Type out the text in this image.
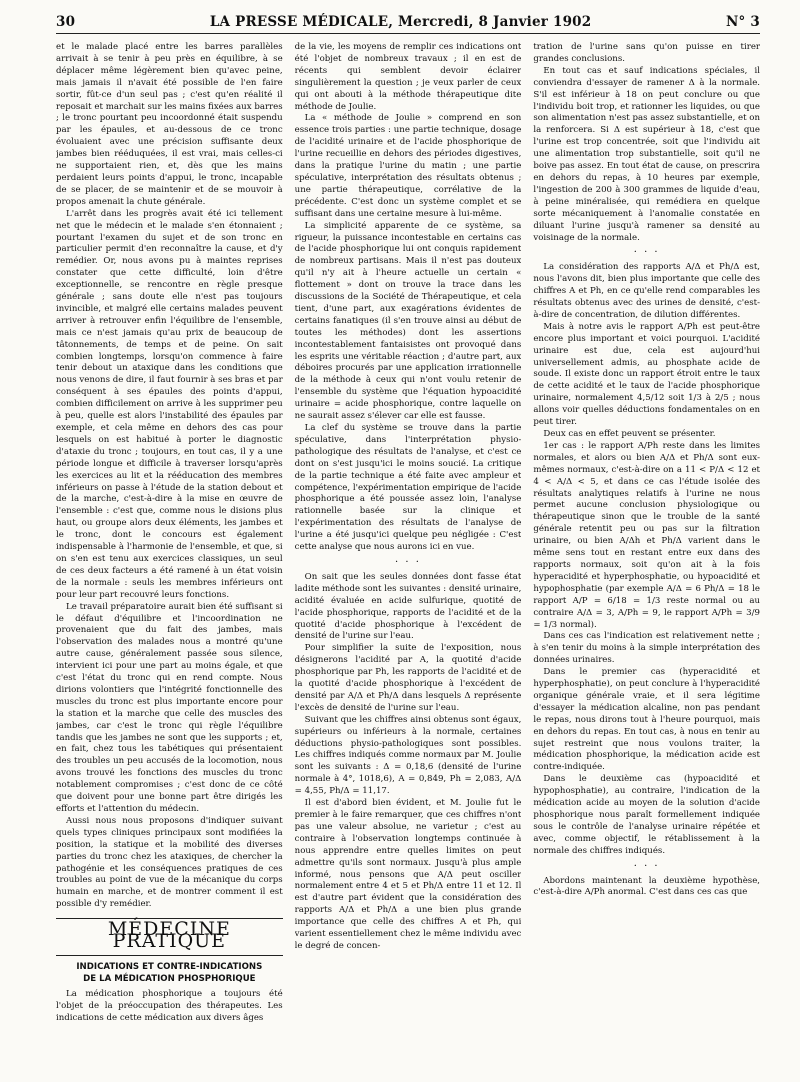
30	LA PRESSE MÉDICALE, Mercredi, 8 Janvier 1902	N° 3

et le malade placé entre les barres parallèles arrivait à se tenir à peu près en équilibre, à se déplacer même légèrement bien qu'avec peine, mais jamais il n'avait été possible de l'en faire sortir, fût-ce d'un seul pas ; c'est qu'en réalité il reposait et marchait sur les mains fixées aux barres ; le tronc pourtant peu incoordonné était suspendu par les épaules, et au-dessous de ce tronc évoluaient avec une précision suffisante deux jambes bien rééduquées, il est vrai, mais celles-ci ne supportaient rien, et, dès que les mains perdaient leurs points d'appui, le tronc, incapable de se placer, de se maintenir et de se mouvoir à propos amenait la chute générale.

L'arrêt dans les progrès avait été ici tellement net que le médecin et le malade s'en étonnaient ; pourtant l'examen du sujet et de son tronc en particulier permit d'en reconnaître la cause, et d'y remédier. Or, nous avons pu à maintes reprises constater que cette difficulté, loin d'être exceptionnelle, se rencontre en règle presque générale ; sans doute elle n'est pas toujours invincible, et malgré elle certains malades peuvent arriver à retrouver enfin l'équilibre de l'ensemble, mais ce n'est jamais qu'au prix de beaucoup de tâtonnements, de temps et de peine. On sait combien longtemps, lorsqu'on commence à faire tenir debout un ataxique dans les conditions que nous venons de dire, il faut fournir à ses bras et par conséquent à ses épaules des points d'appui, combien difficilement on arrive à les supprimer peu à peu, quelle est alors l'instabilité des épaules par exemple, et cela même en dehors des cas pour lesquels on est habitué à porter le diagnostic d'ataxie du tronc ; toujours, en tout cas, il y a une période longue et difficile à traverser lorsqu'après les exercices au lit et la rééducation des membres inférieurs on passe à l'étude de la station debout et de la marche, c'est-à-dire à la mise en œuvre de l'ensemble : c'est que, comme nous le disions plus haut, ou groupe alors deux éléments, les jambes et le tronc, dont le concours est également indispensable à l'harmonie de l'ensemble, et que, si on s'en est tenu aux exercices classiques, un seul de ces deux facteurs a été ramené à un état voisin de la normale : seuls les membres inférieurs ont pour leur part recouvré leurs fonctions.

Le travail préparatoire aurait bien été suffisant si le défaut d'équilibre et l'incoordination ne provenaient que du fait des jambes, mais l'observation des malades nous a montré qu'une autre cause, généralement passée sous silence, intervient ici pour une part au moins égale, et que c'est l'état du tronc qui en rend compte. Nous dirions volontiers que l'intégrité fonctionnelle des muscles du tronc est plus importante encore pour la station et la marche que celle des muscles des jambes, car c'est le tronc qui règle l'équilibre tandis que les jambes ne sont que les supports ; et, en fait, chez tous les tabétiques qui présentaient des troubles un peu accusés de la locomotion, nous avons trouvé les fonctions des muscles du tronc notablement compromises ; c'est donc de ce côté que doivent pour une bonne part être dirigés les efforts et l'attention du médecin.

Aussi nous nous proposons d'indiquer suivant quels types cliniques principaux sont modifiées la position, la statique et la mobilité des diverses parties du tronc chez les ataxiques, de chercher la pathogénie et les conséquences pratiques de ces troubles au point de vue de la mécanique du corps humain en marche, et de montrer comment il est possible d'y remédier.

MÉDECINE PRATIQUE
INDICATIONS ET CONTRE-INDICATIONS
DE LA MÉDICATION PHOSPHORIQUE

La médication phosphorique a toujours été l'objet de la préoccupation des thérapeutes. Les indications de cette médication aux divers âges

de la vie, les moyens de remplir ces indications ont été l'objet de nombreux travaux ; il en est de récents qui semblent devoir éclairer singulièrement la question ; je veux parler de ceux qui ont abouti à la méthode thérapeutique dite méthode de Joulie.

La « méthode de Joulie » comprend en son essence trois parties : une partie technique, dosage de l'acidité urinaire et de l'acide phosphorique de l'urine recueillie en dehors des périodes digestives, dans la pratique l'urine du matin ; une partie spéculative, interprétation des résultats obtenus ; une partie thérapeutique, corrélative de la précédente. C'est donc un système complet et se suffisant dans une certaine mesure à lui-même.

La simplicité apparente de ce système, sa rigueur, la puissance incontestable en certains cas de l'acide phosphorique lui ont conquis rapidement de nombreux partisans. Mais il n'est pas douteux qu'il n'y ait à l'heure actuelle un certain « flottement » dont on trouve la trace dans les discussions de la Société de Thérapeutique, et cela tient, d'une part, aux exagérations évidentes de certains fanatiques (il s'en trouve ainsi au début de toutes les méthodes) dont les assertions incontestablement fantaisistes ont provoqué dans les esprits une véritable réaction ; d'autre part, aux déboires procurés par une application irrationnelle de la méthode à ceux qui n'ont voulu retenir de l'ensemble du système que l'équation hypoacidité urinaire = acide phosphorique, contre laquelle on ne saurait assez s'élever car elle est fausse.

La clef du système se trouve dans la partie spéculative, dans l'interprétation physio-pathologique des résultats de l'analyse, et c'est ce dont on s'est jusqu'ici le moins soucié. La critique de la partie technique a été faite avec ampleur et compétence, l'expérimentation empirique de l'acide phosphorique a été poussée assez loin, l'analyse rationnelle basée sur la clinique et l'expérimentation des résultats de l'analyse de l'urine a été jusqu'ici quelque peu négligée : C'est cette analyse que nous aurons ici en vue.

· · ·

On sait que les seules données dont fasse état ladite méthode sont les suivantes : densité urinaire, acidité évaluée en acide sulfurique, quotité de l'acide phosphorique, rapports de l'acidité et de la quotité d'acide phosphorique à l'excédent de densité de l'urine sur l'eau.

Pour simplifier la suite de l'exposition, nous désignerons l'acidité par A, la quotité d'acide phosphorique par Ph, les rapports de l'acidité et de la quotité d'acide phosphorique à l'excédent de densité par A/Δ et Ph/Δ dans lesquels Δ représente l'excès de densité de l'urine sur l'eau.

Suivant que les chiffres ainsi obtenus sont égaux, supérieurs ou inférieurs à la normale, certaines déductions physio-pathologiques sont possibles. Les chiffres indiqués comme normaux par M. Joulie sont les suivants : Δ = 0,18,6 (densité de l'urine normale à 4°, 1018,6), A = 0,849, Ph = 2,083, A/Δ = 4,55, Ph/Δ = 11,17.

Il est d'abord bien évident, et M. Joulie fut le premier à le faire remarquer, que ces chiffres n'ont pas une valeur absolue, ne varietur ; c'est au contraire à l'observation longtemps continuée à nous apprendre entre quelles limites on peut admettre qu'ils sont normaux. Jusqu'à plus ample informé, nous pensons que A/Δ peut osciller normalement entre 4 et 5 et Ph/Δ entre 11 et 12. Il est d'autre part évident que la considération des rapports A/Δ et Ph/Δ a une bien plus grande importance que celle des chiffres A et Ph, qui varient essentiellement chez le même individu avec le degré de concen-

tration de l'urine sans qu'on puisse en tirer grandes conclusions.

En tout cas et sauf indications spéciales, il conviendra d'essayer de ramener Δ à la normale. S'il est inférieur à 18 on peut conclure ou que l'individu boit trop, et rationner les liquides, ou que son alimentation n'est pas assez substantielle, et on la renforcera. Si Δ est supérieur à 18, c'est que l'urine est trop concentrée, soit que l'individu ait une alimentation trop substantielle, soit qu'il ne boive pas assez. En tout état de cause, on prescrira en dehors du repas, à 10 heures par exemple, l'ingestion de 200 à 300 grammes de liquide d'eau, à peine minéralisée, qui remédiera en quelque sorte mécaniquement à l'anomalie constatée en diluant l'urine jusqu'à ramener sa densité au voisinage de la normale.

· · ·

La considération des rapports A/Δ et Ph/Δ est, nous l'avons dit, bien plus importante que celle des chiffres A et Ph, en ce qu'elle rend comparables les résultats obtenus avec des urines de densité, c'est-à-dire de concentration, de dilution différentes.

Mais à notre avis le rapport A/Ph est peut-être encore plus important et voici pourquoi. L'acidité urinaire est due, cela est aujourd'hui universellement admis, au phosphate acide de soude. Il existe donc un rapport étroit entre le taux de cette acidité et le taux de l'acide phosphorique urinaire, normalement 4,5/12 soit 1/3 à 2/5 ; nous allons voir quelles déductions fondamentales on en peut tirer.

Deux cas en effet peuvent se présenter.

1er cas : le rapport A/Ph reste dans les limites normales, et alors ou bien A/Δ et Ph/Δ sont eux-mêmes normaux, c'est-à-dire on a 11 < P/Δ < 12 et 4 < A/Δ < 5, et dans ce cas l'étude isolée des résultats analytiques relatifs à l'urine ne nous permet aucune conclusion physiologique ou thérapeutique sinon que le trouble de la santé générale retentit peu ou pas sur la filtration urinaire, ou bien A/Δh et Ph/Δ varient dans le même sens tout en restant entre eux dans des rapports normaux, soit qu'on ait à la fois hyperacidité et hyperphosphatie, ou hypoacidité et hypophosphatie (par exemple A/Δ = 6 Ph/Δ = 18 le rapport A/P = 6/18 = 1/3 reste normal ou au contraire A/Δ = 3, A/Ph = 9, le rapport A/Ph = 3/9 = 1/3 normal).

Dans ces cas l'indication est relativement nette ; à s'en tenir du moins à la simple interprétation des données urinaires.

Dans le premier cas (hyperacidité et hyperphosphatie), on peut conclure à l'hyperacidité organique générale vraie, et il sera légitime d'essayer la médication alcaline, non pas pendant le repas, nous dirons tout à l'heure pourquoi, mais en dehors du repas. En tout cas, à nous en tenir au sujet restreint que nous voulons traiter, la médication phosphorique, la médication acide est contre-indiquée.

Dans le deuxième cas (hypoacidité et hypophosphatie), au contraire, l'indication de la médication acide au moyen de la solution d'acide phosphorique nous paraît formellement indiquée sous le contrôle de l'analyse urinaire répétée et avec, comme objectif, le rétablissement à la normale des chiffres indiqués.

· · ·

Abordons maintenant la deuxième hypothèse, c'est-à-dire A/Ph anormal. C'est dans ces cas que
